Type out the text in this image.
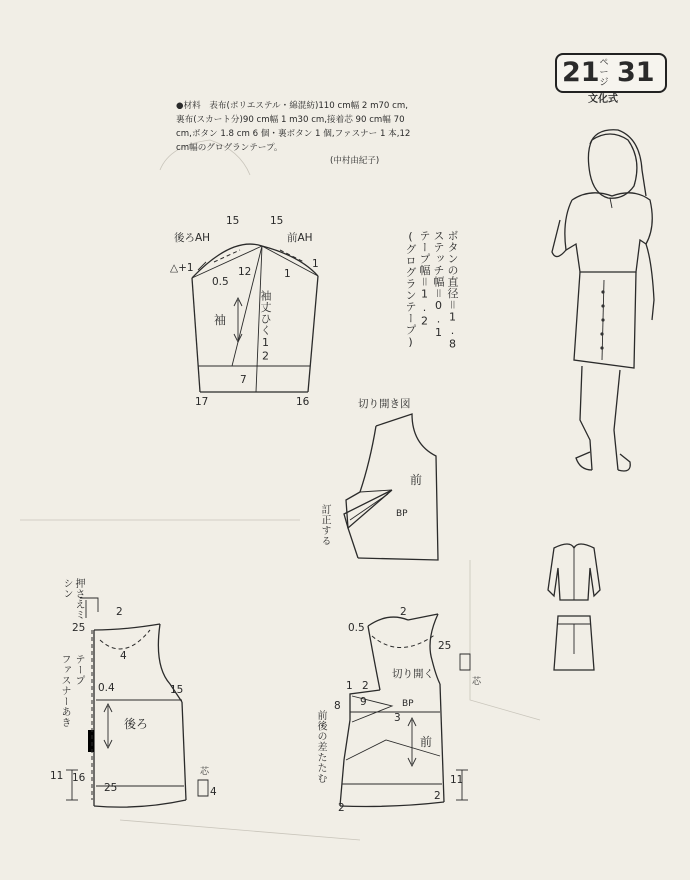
21 ページ 31
文化式

●材料　表布(ポリエステル・綿混紡)110 cm幅 2 m70 cm,裏布(スカート分)90 cm幅 1 m30 cm,接着芯 90 cm幅 70 cm,ボタン 1.8 cm 6 個・裏ボタン 1 個,ファスナー 1 本,12 cm幅のグログランテープ。

(中村由紀子)
ボタンの直径＝1.8
ステッチ幅＝0.1
テープ幅＝1.2
(グログランテープ)
後ろAH	前AH
15	15
△+1	1
0.5
12	1
袖	袖丈ひく12
7
17	16	切り開き図
前
BP
訂正する
押さえミシン
テープ
ファスナーあき
2
4
25
0.4	15
後ろ
16
25
11	芯
4
0.5
2
25
1 2
切り開く
8 9	BP
3
前
前後の差たたむ
2
2
11
芯
